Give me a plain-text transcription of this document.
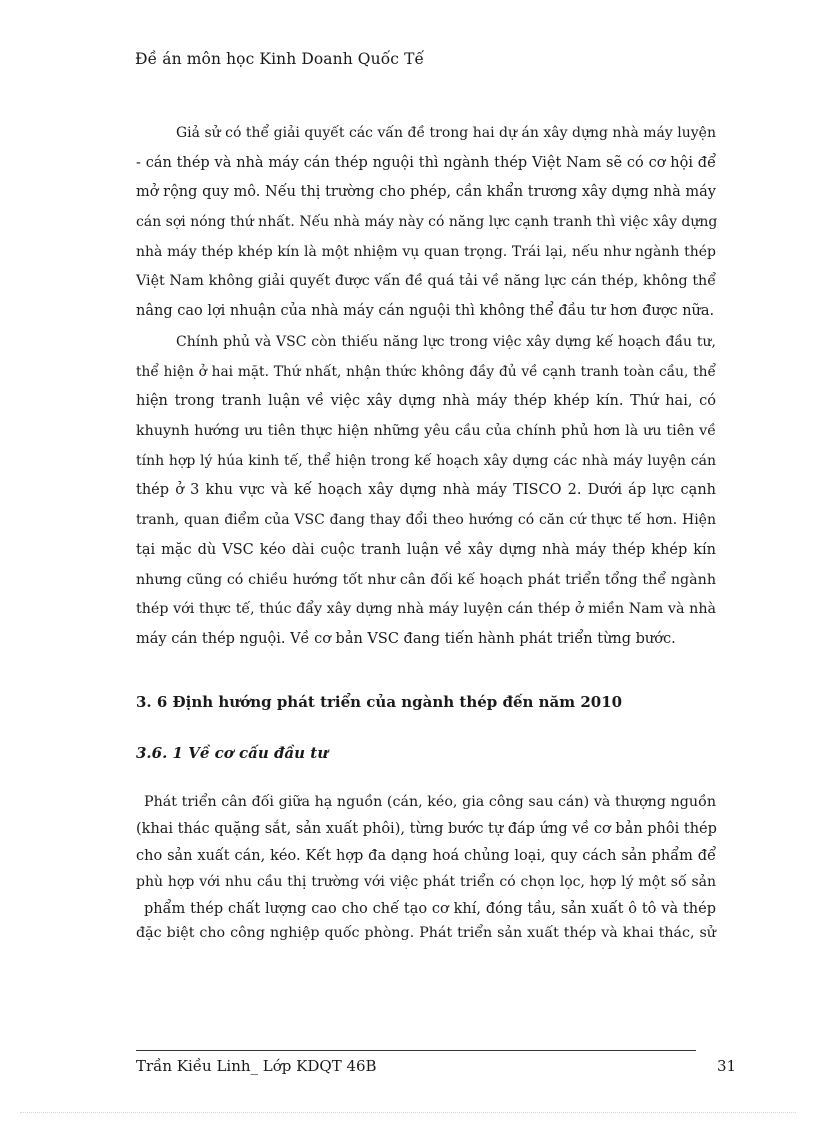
Đề án môn học Kinh Doanh Quốc Tế
Giả sử có thể giải quyết các vấn đề trong hai dự án xây dựng nhà máy luyện
- cán thép và nhà máy cán thép nguội thì ngành thép Việt Nam sẽ có cơ hội để
mở rộng quy mô. Nếu thị trường cho phép, cần khẩn trương xây dựng nhà máy
cán sợi nóng thứ nhất. Nếu nhà máy này có năng lực cạnh tranh thì việc xây dựng
nhà máy thép khép kín là một nhiệm vụ quan trọng. Trái lại, nếu như ngành thép
Việt Nam không giải quyết được vấn đề quá tải về năng lực cán thép, không thể
nâng cao lợi nhuận của nhà máy cán nguội thì không thể đầu tư hơn được nữa.
Chính phủ và VSC còn thiếu năng lực trong việc xây dựng kế hoạch đầu tư,
thể hiện ở hai mặt. Thứ nhất, nhận thức không đầy đủ về cạnh tranh toàn cầu, thể
hiện trong tranh luận về việc xây dựng nhà máy thép khép kín. Thứ hai, có
khuynh hướng ưu tiên thực hiện những yêu cầu của chính phủ hơn là ưu tiên về
tính hợp lý húa kinh tế, thể hiện trong kế hoạch xây dựng các nhà máy luyện cán
thép ở 3 khu vực và kế hoạch xây dựng nhà máy TISCO 2. Dưới áp lực cạnh
tranh, quan điểm của VSC đang thay đổi theo hướng có căn cứ thực tế hơn. Hiện
tại mặc dù VSC kéo dài cuộc tranh luận về xây dựng nhà máy thép khép kín
nhưng cũng có chiều hướng tốt như cân đối kế hoạch phát triển tổng thể ngành
thép với thực tế, thúc đẩy xây dựng nhà máy luyện cán thép ở miền Nam và nhà
máy cán thép nguội. Về cơ bản VSC đang tiến hành phát triển từng bước.
3. 6 Định hướng phát triển của ngành thép đến năm 2010
3.6. 1 Về cơ cấu đầu tư
Phát triển cân đối giữa hạ nguồn (cán, kéo, gia công sau cán) và thượng nguồn
(khai thác quặng sắt, sản xuất phôi), từng bước tự đáp ứng về cơ bản phôi thép
cho sản xuất cán, kéo. Kết hợp đa dạng hoá chủng loại, quy cách sản phẩm để
phù hợp với nhu cầu thị trường với việc phát triển có chọn lọc, hợp lý một số sản
phẩm thép chất lượng cao cho chế tạo cơ khí, đóng tầu, sản xuất ô tô và thép
đặc biệt cho công nghiệp quốc phòng. Phát triển sản xuất thép và khai thác, sử
Trần Kiều Linh_ Lớp KDQT 46B	31
